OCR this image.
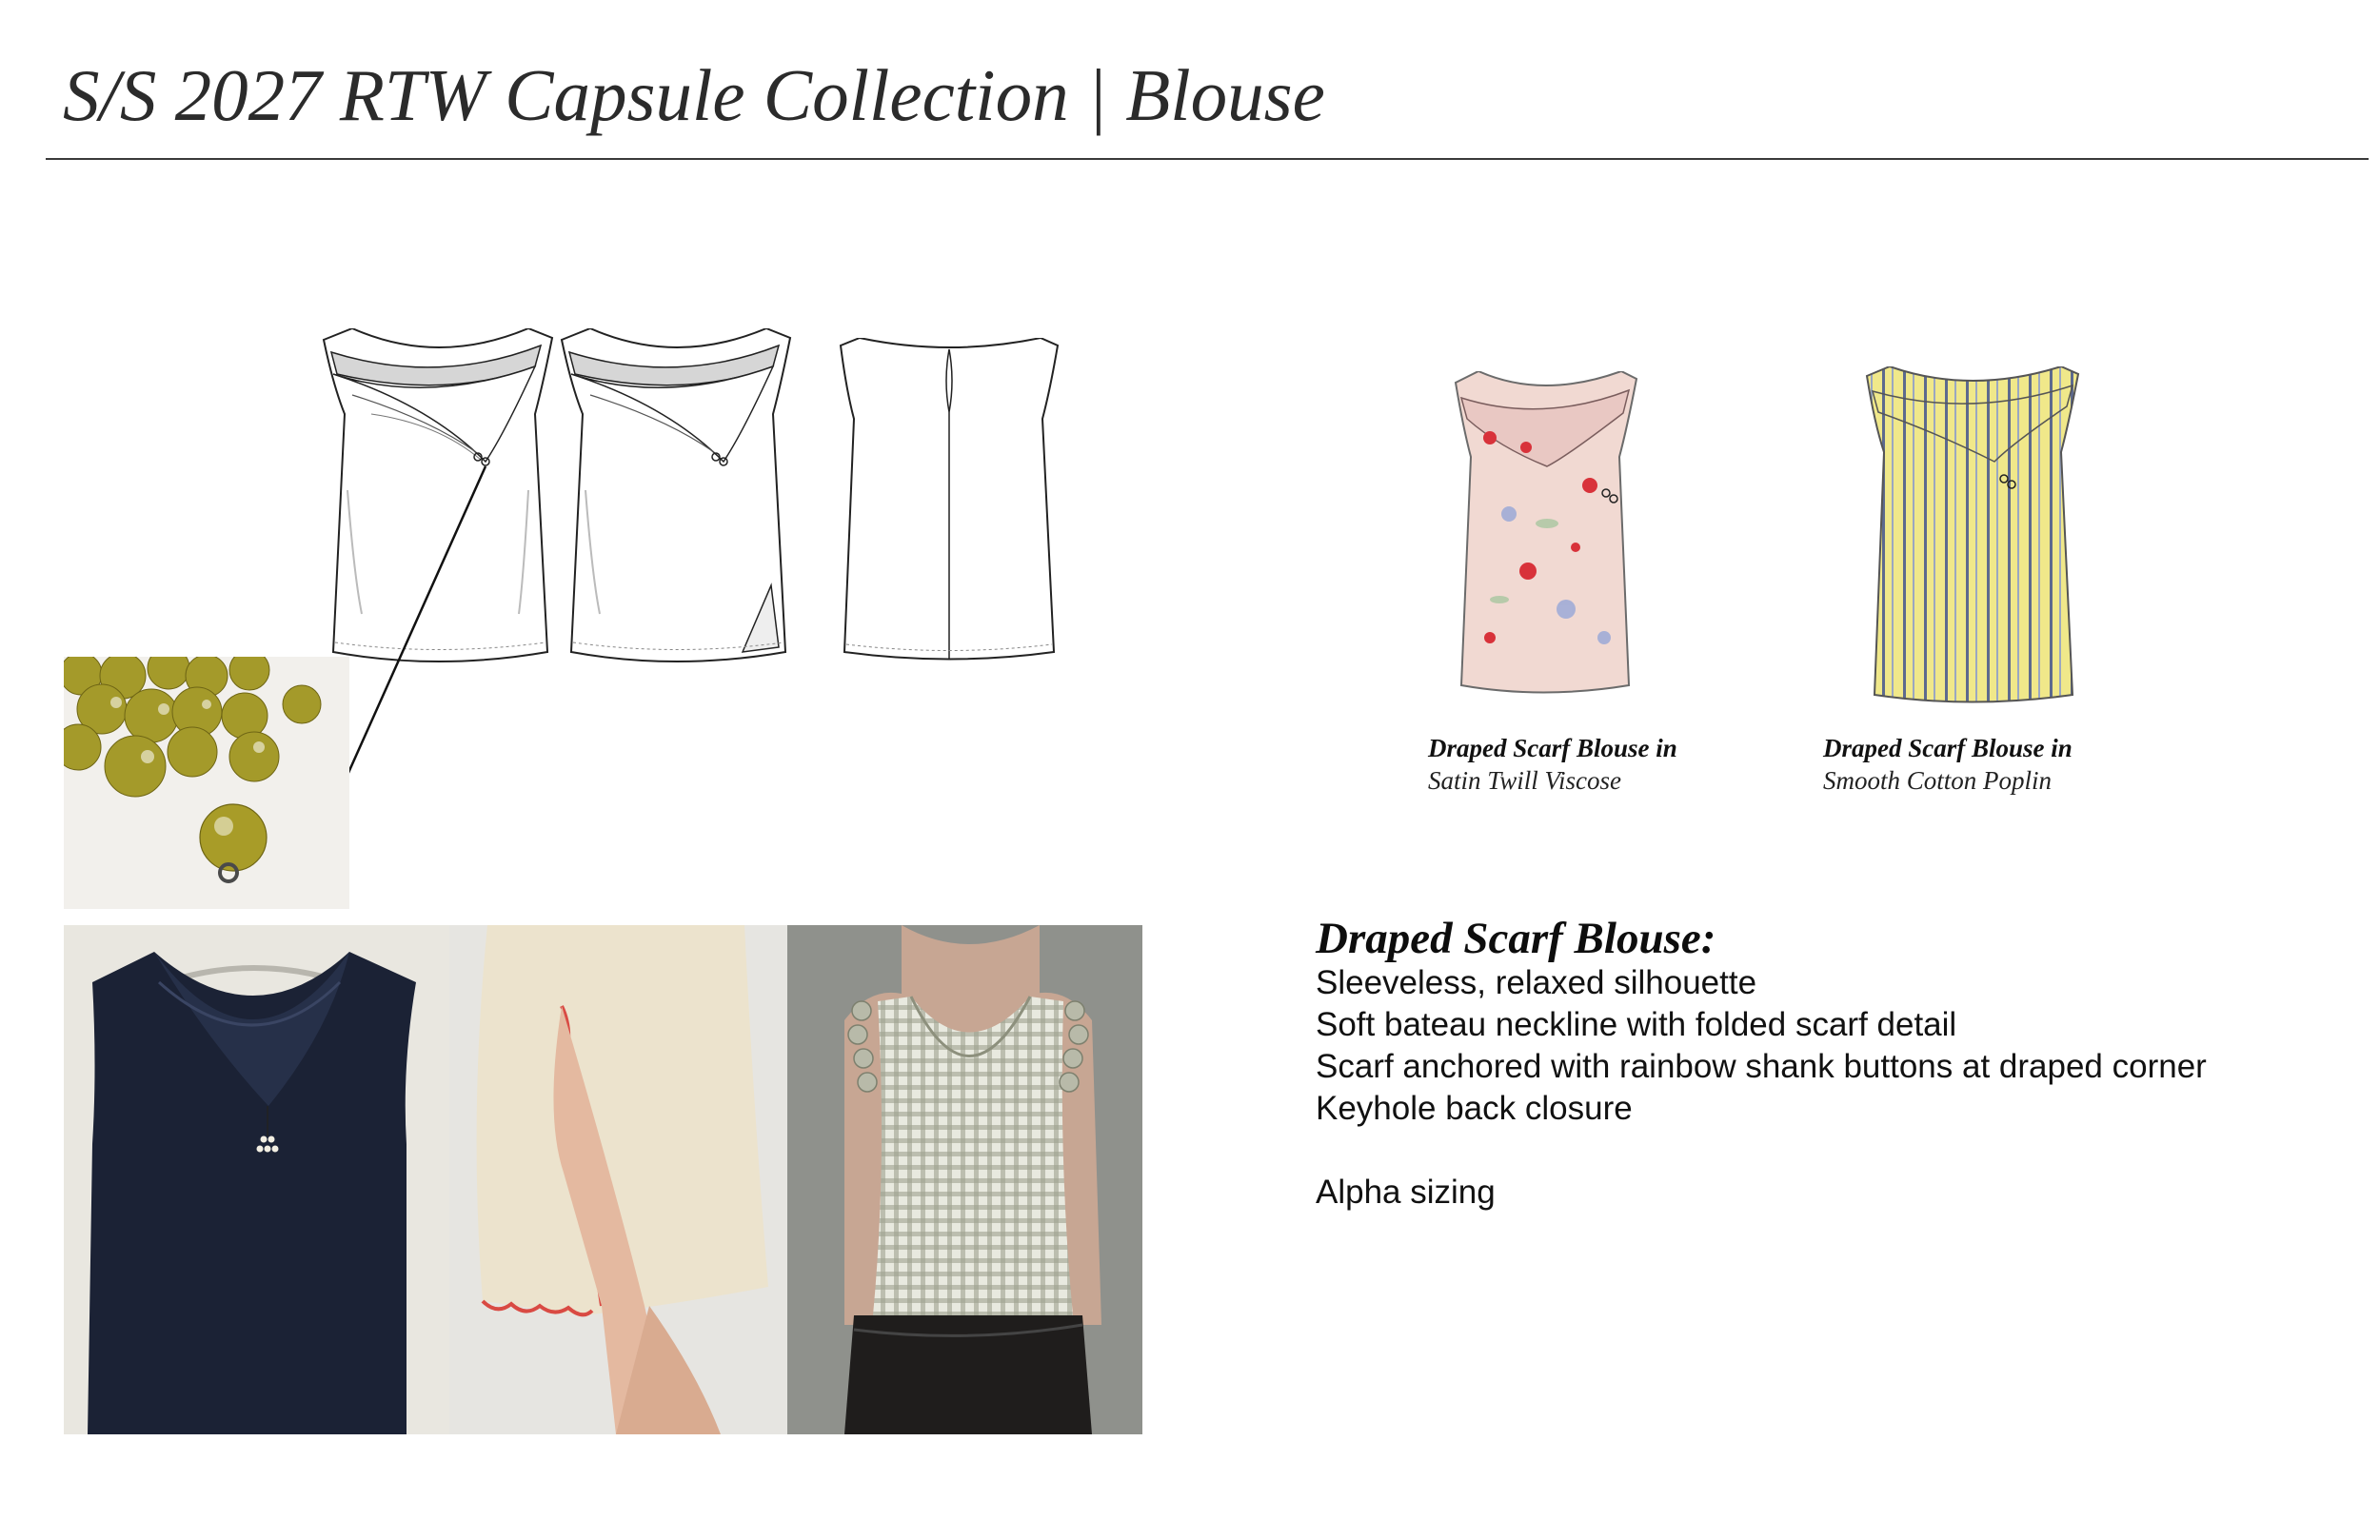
S/S 2027 RTW Capsule Collection | Blouse
Draped Scarf Blouse in
Satin Twill Viscose
Draped Scarf Blouse in
Smooth Cotton Poplin
Draped Scarf Blouse:
Sleeveless, relaxed silhouette
Soft bateau neckline with folded scarf detail
Scarf anchored with rainbow shank buttons at draped corner
Keyhole back closure
Alpha sizing
